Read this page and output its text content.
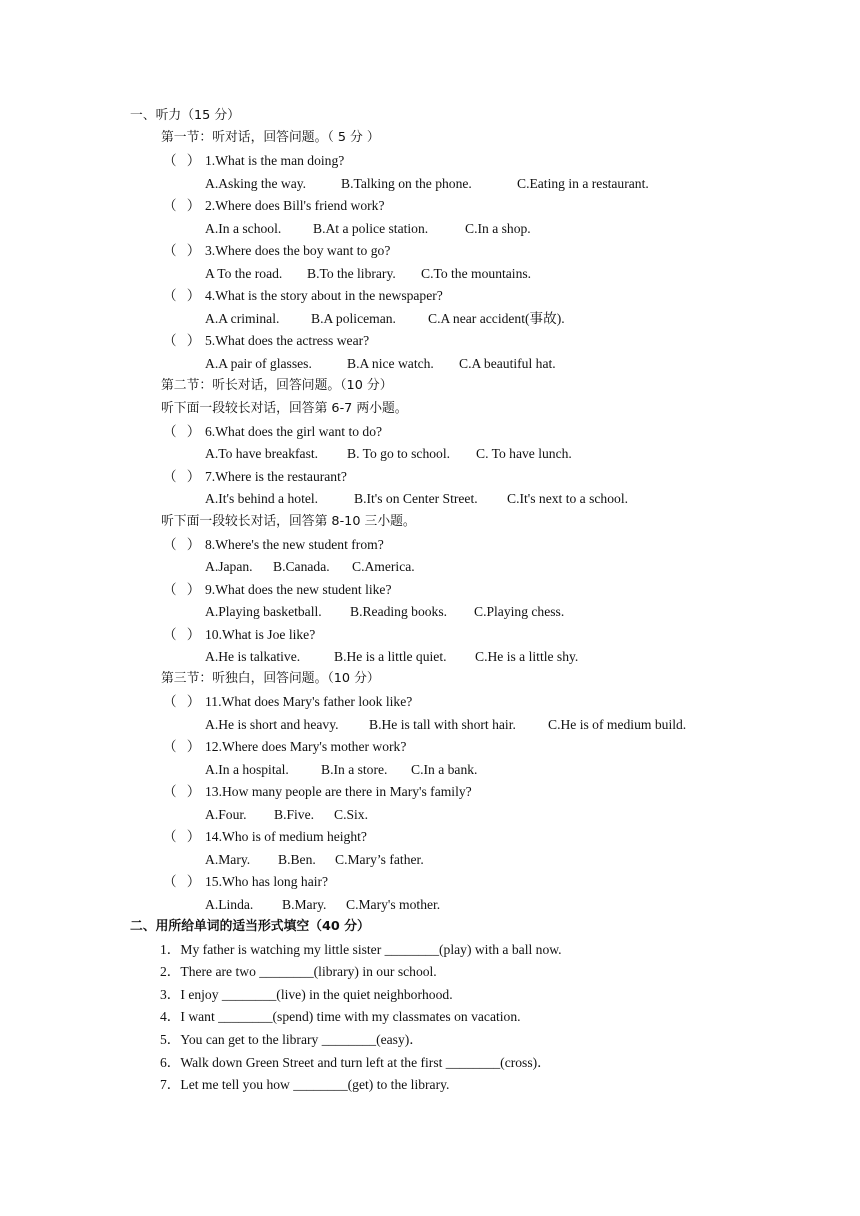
一、听力（15 分）
第一节：听对话，回答问题。（ 5 分 ）
（   ） 1.What is the man doing?
A.Asking the way.	B.Talking on the phone.	C.Eating in a restaurant.
（   ） 2.Where does Bill's friend work?
A.In a school. B.At a police station.	C.In a shop.
（   ） 3.Where does the boy want to go?
A To the road. B.To the library. C.To the mountains.
（   ） 4.What is the story about in the newspaper?
A.A criminal. B.A policeman. C.A near accident(事故).
（   ） 5.What does the actress wear?
A.A pair of glasses.	B.A nice watch. C.A beautiful hat.
第二节：听长对话，回答问题。（10 分）
听下面一段较长对话，回答第 6-7 两小题。
（   ） 6.What does the girl want to do?
A.To have breakfast. B. To go to school. C. To have lunch.
（   ） 7.Where is the restaurant?
A.It's behind a hotel.	B.It's on Center Street. C.It's next to a school.
听下面一段较长对话，回答第 8-10 三小题。
（   ） 8.Where's the new student from?
A.Japan. B.Canada. C.America.
（   ） 9.What does the new student like?
A.Playing basketball. B.Reading books. C.Playing chess.
（   ） 10.What is Joe like?
A.He is talkative. B.He is a little quiet. C.He is a little shy.
第三节：听独白，回答问题。（10 分）
（   ） 11.What does Mary's father look like?
A.He is short and heavy. B.He is tall with short hair. C.He is of medium build.
（   ） 12.Where does Mary's mother work?
A.In a hospital. B.In a store. C.In a bank.
（   ） 13.How many people are there in Mary's family?
A.Four. B.Five. C.Six.
（   ） 14.Who is of medium height?
A.Mary. B.Ben. C.Mary’s father.
（   ） 15.Who has long hair?
A.Linda. B.Mary. C.Mary's mother.
二、用所给单词的适当形式填空（40 分）
1．My father is watching my little sister ________(play) with a ball now.
2．There are two ________(library) in our school.
3．I enjoy ________(live) in the quiet neighborhood.
4．I want ________(spend) time with my classmates on vacation.
5．You can get to the library ________(easy)．
6．Walk down Green Street and turn left at the first ________(cross)．
7．Let me tell you how ________(get) to the library.
